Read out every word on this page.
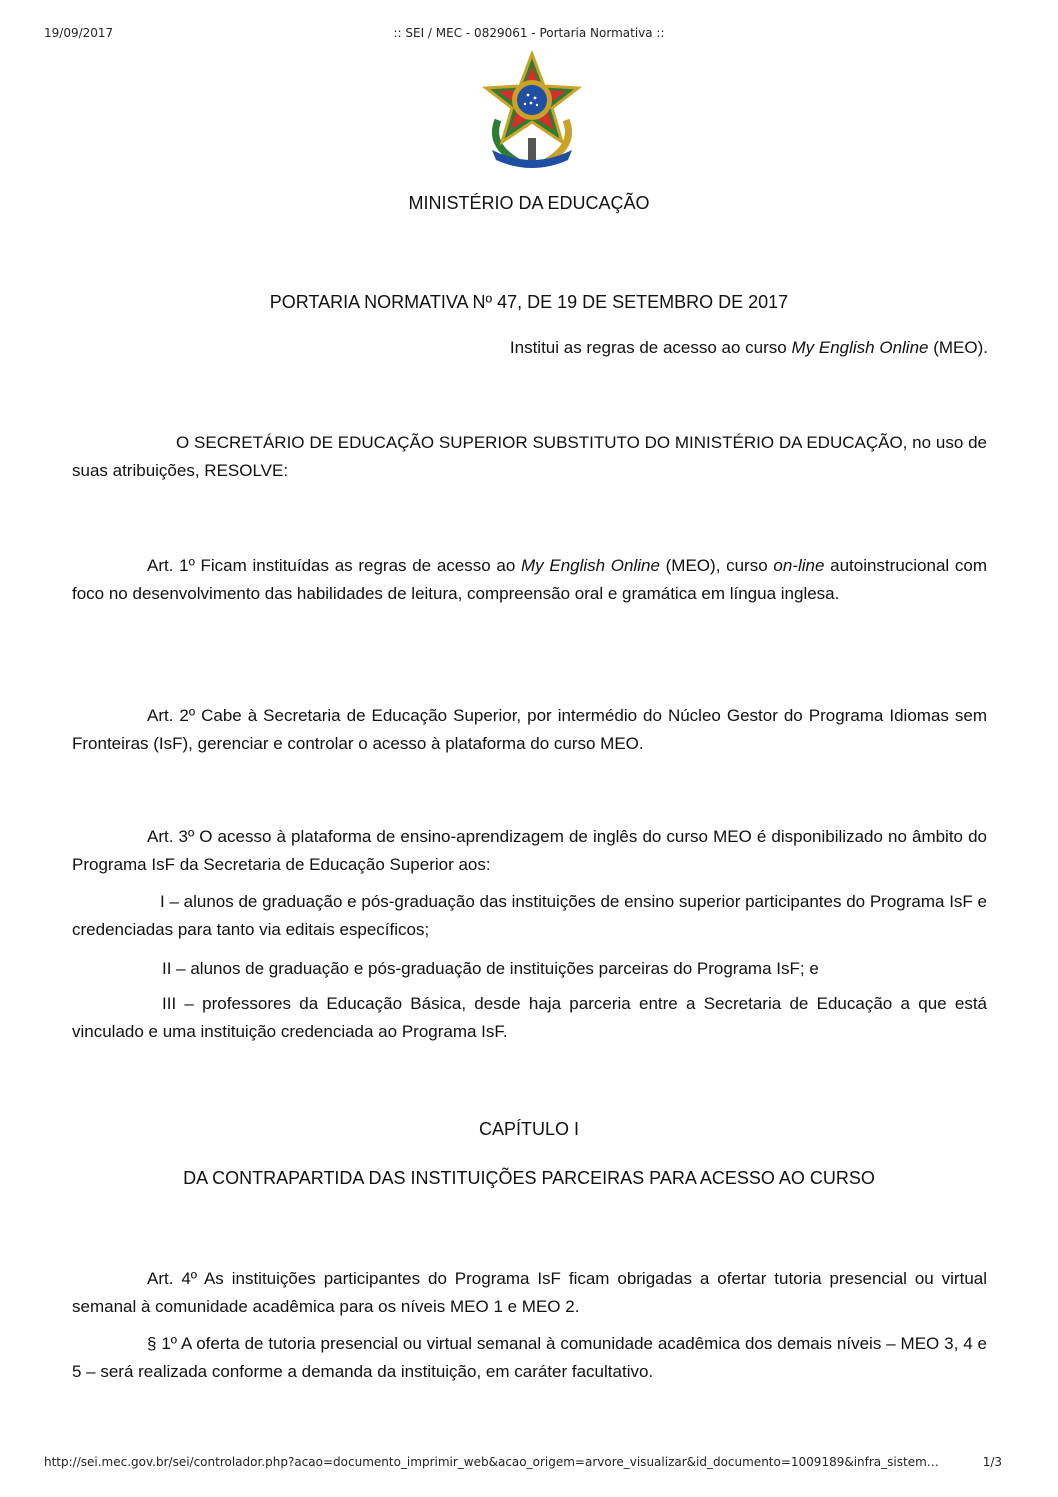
19/09/2017	:: SEI / MEC - 0829061 - Portaria Normativa ::
MINISTÉRIO DA EDUCAÇÃO
PORTARIA NORMATIVA Nº 47, DE 19 DE SETEMBRO DE 2017
Institui as regras de acesso ao curso My English Online (MEO).

O SECRETÁRIO DE EDUCAÇÃO SUPERIOR SUBSTITUTO DO MINISTÉRIO DA EDUCAÇÃO, no uso de suas atribuições, RESOLVE:

Art. 1º Ficam instituídas as regras de acesso ao My English Online (MEO), curso on-line autoinstrucional com foco no desenvolvimento das habilidades de leitura, compreensão oral e gramática em língua inglesa.

Art. 2º Cabe à Secretaria de Educação Superior, por intermédio do Núcleo Gestor do Programa Idiomas sem Fronteiras (IsF), gerenciar e controlar o acesso à plataforma do curso MEO.

Art. 3º O acesso à plataforma de ensino-aprendizagem de inglês do curso MEO é disponibilizado no âmbito do Programa IsF da Secretaria de Educação Superior aos:

I – alunos de graduação e pós-graduação das instituições de ensino superior participantes do Programa IsF e credenciadas para tanto via editais específicos;

II – alunos de graduação e pós-graduação de instituições parceiras do Programa IsF; e

III – professores da Educação Básica, desde haja parceria entre a Secretaria de Educação a que está vinculado e uma instituição credenciada ao Programa IsF.

CAPÍTULO I
DA CONTRAPARTIDA DAS INSTITUIÇÕES PARCEIRAS PARA ACESSO AO CURSO

Art. 4º As instituições participantes do Programa IsF ficam obrigadas a ofertar tutoria presencial ou virtual semanal à comunidade acadêmica para os níveis MEO 1 e MEO 2.

§ 1º A oferta de tutoria presencial ou virtual semanal à comunidade acadêmica dos demais níveis – MEO 3, 4 e 5 – será realizada conforme a demanda da instituição, em caráter facultativo.

http://sei.mec.gov.br/sei/controlador.php?acao=documento_imprimir_web&acao_origem=arvore_visualizar&id_documento=1009189&infra_sistem…	1/3
